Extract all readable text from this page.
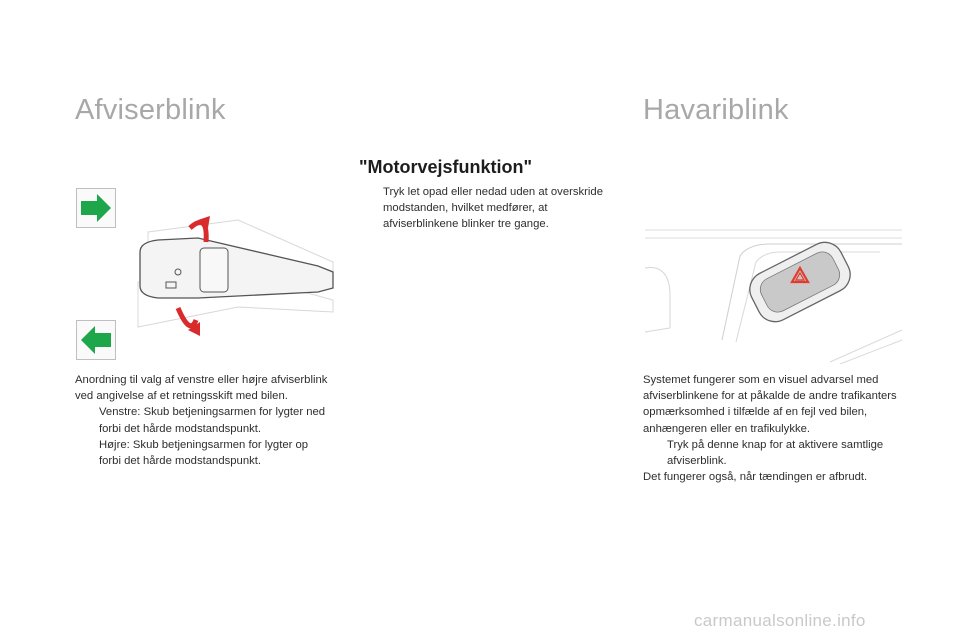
Afviserblink

Anordning til valg af venstre eller højre afviserblink ved angivelse af et retningsskift med bilen.

Venstre: Skub betjeningsarmen for lygter ned forbi det hårde modstandspunkt.
Højre: Skub betjeningsarmen for lygter op forbi det hårde modstandspunkt.
"Motorvejsfunktion"
Tryk let opad eller nedad uden at overskride modstanden, hvilket medfører, at afviserblinkene blinker tre gange.
Havariblink

Systemet fungerer som en visuel advarsel med afviserblinkene for at påkalde de andre trafikanters opmærksomhed i tilfælde af en fejl ved bilen, anhængeren eller en trafikulykke.

Tryk på denne knap for at aktivere samtlige afviserblink.

Det fungerer også, når tændingen er afbrudt.

carmanualsonline.info
